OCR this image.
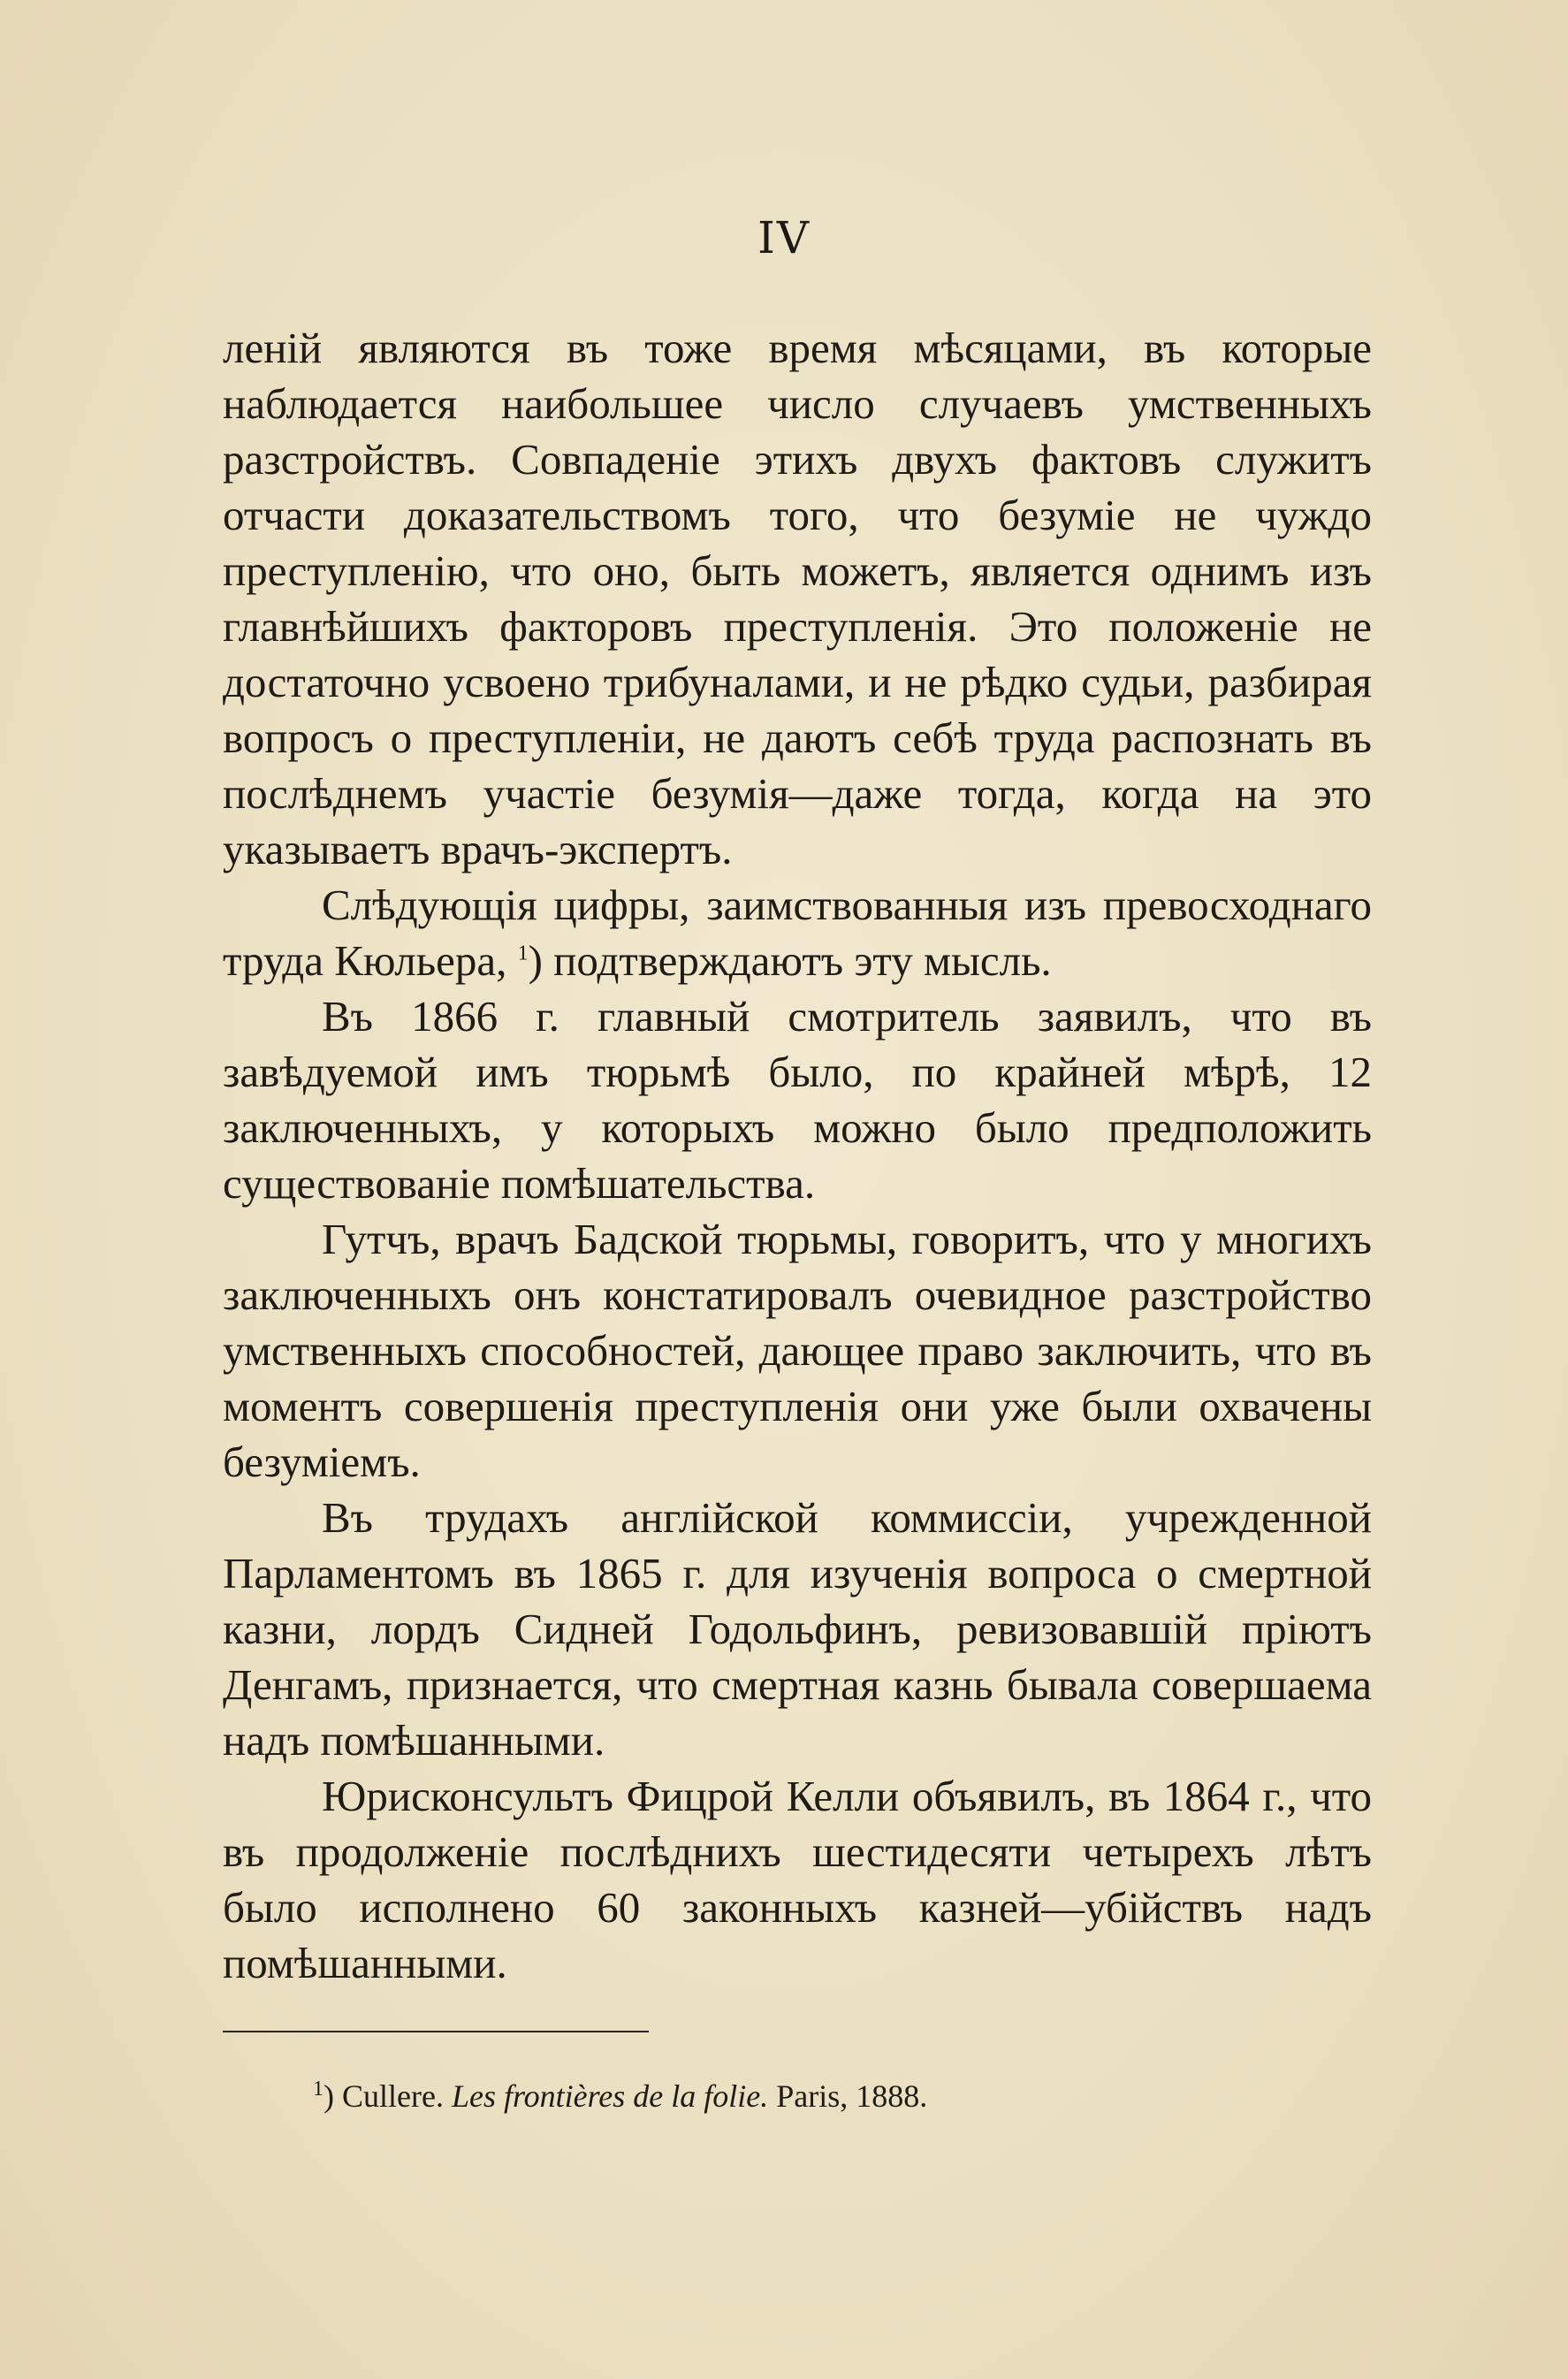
IV

леній являются въ тоже время мѣсяцами, въ которые наблюдается наибольшее число случаевъ умственныхъ разстройствъ. Совпаденіе этихъ двухъ фактовъ служитъ отчасти доказательствомъ того, что безуміе не чуждо преступленію, что оно, быть можетъ, является однимъ изъ главнѣйшихъ факторовъ преступленія. Это положеніе не достаточно усвоено трибуналами, и не рѣдко судьи, разбирая вопросъ о преступленіи, не даютъ себѣ труда распознать въ послѣднемъ участіе безумія—даже тогда, когда на это указываетъ врачъ-экспертъ.

Слѣдующія цифры, заимствованныя изъ превосходнаго труда Кюльера, $^1$) подтверждаютъ эту мысль.

Въ 1866 г. главный смотритель заявилъ, что въ завѣдуемой имъ тюрьмѣ было, по крайней мѣрѣ, 12 заключенныхъ, у которыхъ можно было предположить существованіе помѣшательства.

Гутчъ, врачъ Бадской тюрьмы, говоритъ, что у многихъ заключенныхъ онъ констатировалъ очевидное разстройство умственныхъ способностей, дающее право заключить, что въ моментъ совершенія преступленія они уже были охвачены безуміемъ.

Въ трудахъ англійской коммиссіи, учрежденной Парламентомъ въ 1865 г. для изученія вопроса о смертной казни, лордъ Сидней Годольфинъ, ревизовавшій пріютъ Денгамъ, признается, что смертная казнь бывала совершаема надъ помѣшанными.

Юрисконсультъ Фицрой Келли объявилъ, въ 1864 г., что въ продолженіе послѣднихъ шестидесяти четырехъ лѣтъ было исполнено 60 законныхъ казней—убійствъ надъ помѣшанными.

$^1$) Cullere. Les frontières de la folie. Paris, 1888.
